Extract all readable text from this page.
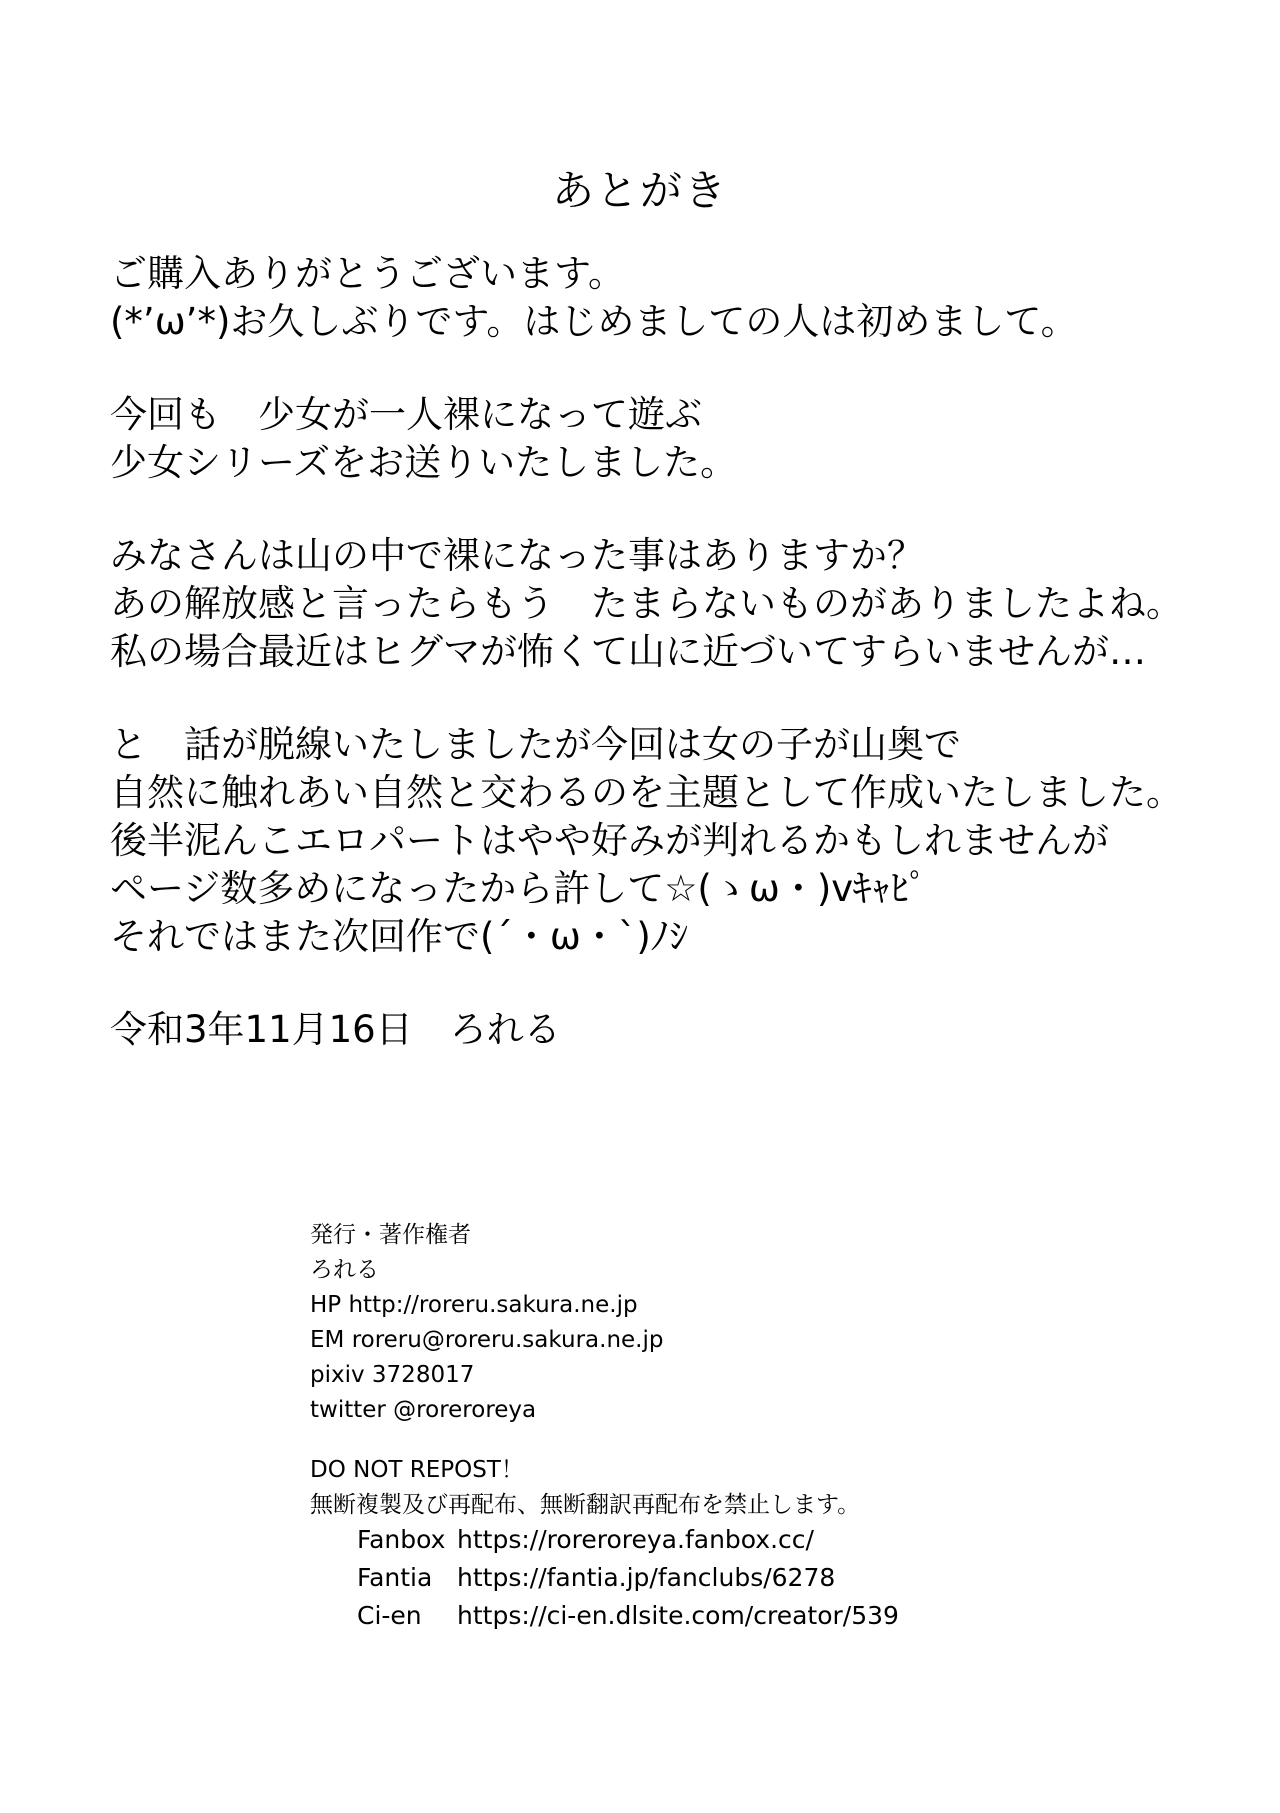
あとがき
ご購入ありがとうございます。
(*’ω’*)お久しぶりです。はじめましての人は初めまして。
今回も　少女が一人裸になって遊ぶ
少女シリーズをお送りいたしました。
みなさんは山の中で裸になった事はありますか？
あの解放感と言ったらもう　たまらないものがありましたよね。
私の場合最近はヒグマが怖くて山に近づいてすらいませんが…
と　話が脱線いたしましたが今回は女の子が山奥で
自然に触れあい自然と交わるのを主題として作成いたしました。
後半泥んこエロパートはやや好みが判れるかもしれませんが
ページ数多めになったから許して☆(ゝω・)vｷｬﾋﾟ
それではまた次回作で(´・ω・`)ﾉｼ
令和3年11月16日　ろれる
発行・著作権者
ろれる
HP http://roreru.sakura.ne.jp
EM roreru@roreru.sakura.ne.jp
pixiv 3728017
twitter @roreroreya
DO NOT REPOST！
無断複製及び再配布、無断翻訳再配布を禁止します。
Fanbox https://roreroreya.fanbox.cc/
Fantia https://fantia.jp/fanclubs/6278
Ci-en	https://ci-en.dlsite.com/creator/539
